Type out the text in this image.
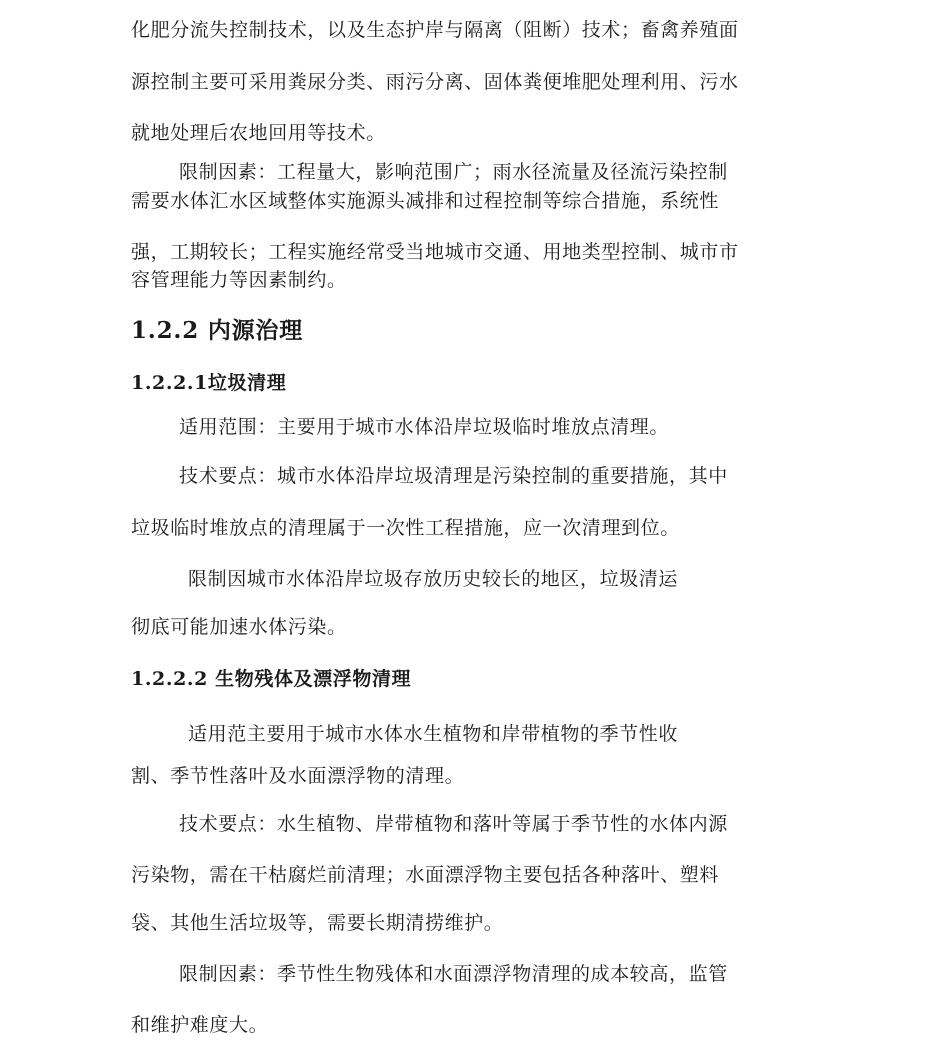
化肥分流失控制技术，以及生态护岸与隔离（阻断）技术；畜禽养殖面

源控制主要可采用粪尿分类、雨污分离、固体粪便堆肥处理利用、污水

就地处理后农地回用等技术。

限制因素：工程量大，影响范围广；雨水径流量及径流污染控制

需要水体汇水区域整体实施源头减排和过程控制等综合措施，系统性

强，工期较长；工程实施经常受当地城市交通、用地类型控制、城市市

容管理能力等因素制约。

1.2.2 内源治理
1.2.2.1垃圾清理

适用范围：主要用于城市水体沿岸垃圾临时堆放点清理。

技术要点：城市水体沿岸垃圾清理是污染控制的重要措施，其中

垃圾临时堆放点的清理属于一次性工程措施，应一次清理到位。

限制因城市水体沿岸垃圾存放历史较长的地区，垃圾清运

彻底可能加速水体污染。

1.2.2.2 生物残体及漂浮物清理

适用范主要用于城市水体水生植物和岸带植物的季节性收

割、季节性落叶及水面漂浮物的清理。

技术要点：水生植物、岸带植物和落叶等属于季节性的水体内源

污染物，需在干枯腐烂前清理；水面漂浮物主要包括各种落叶、塑料

袋、其他生活垃圾等，需要长期清捞维护。

限制因素：季节性生物残体和水面漂浮物清理的成本较高，监管

和维护难度大。
